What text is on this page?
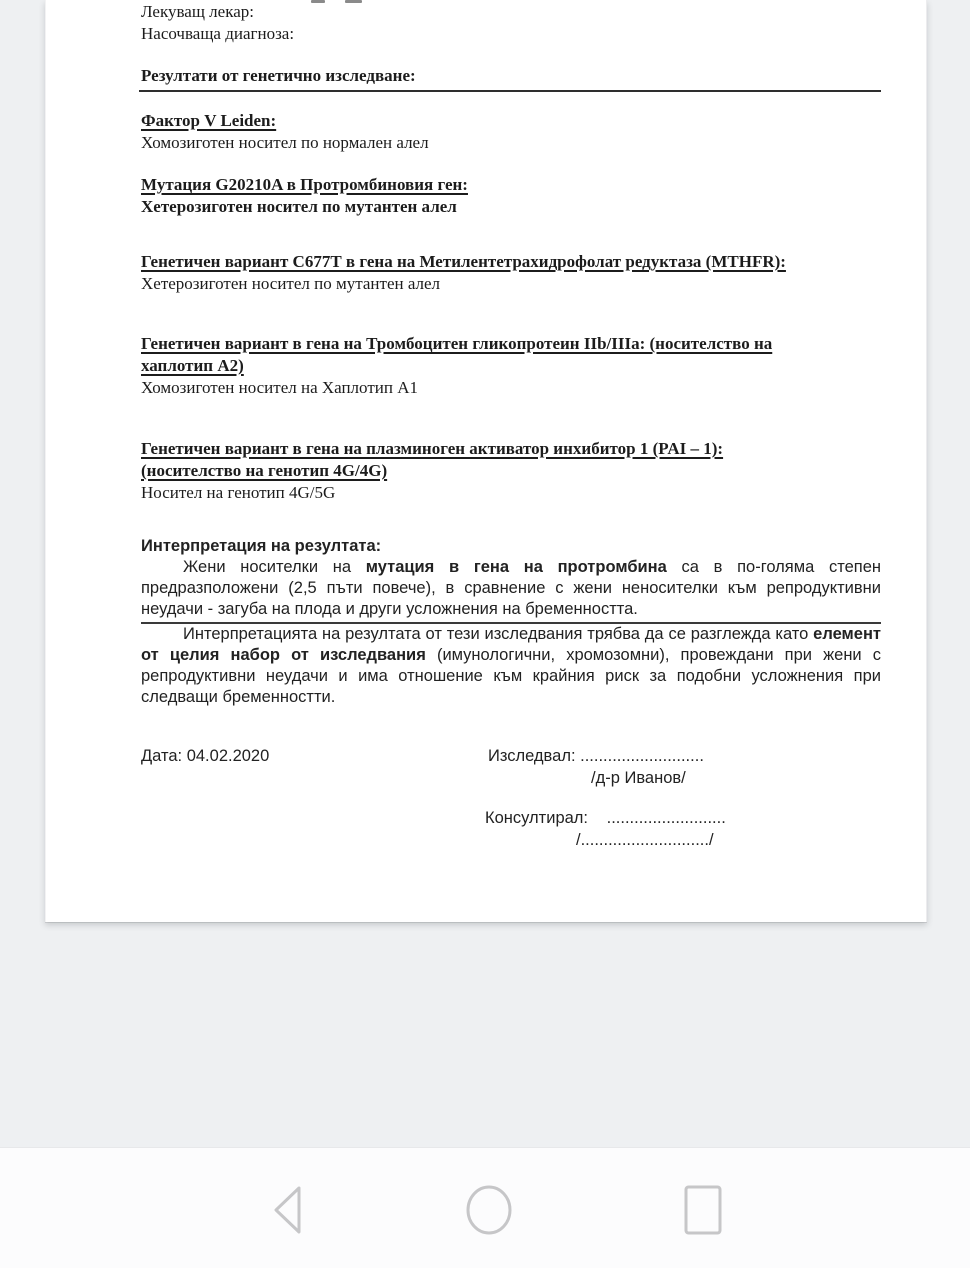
Лекуващ лекар:
Насочваща диагноза:
Резултати от генетично изследване:
Фактор V Leiden:
Хомозиготен носител по нормален алел
Мутация G20210A в Протромбиновия ген:
Хетерозиготен носител по мутантен алел
Генетичен вариант С677Т в гена на Метилентетрахидрофолат редуктаза (MTHFR):
Хетерозиготен носител по мутантен алел
Генетичен вариант в гена на Тромбоцитен гликопротеин IIb/IIIa: (носителство на
хаплотип А2)
Хомозиготен носител на Хаплотип А1
Генетичен вариант в гена на плазминоген активатор инхибитор 1 (PAI – 1):
(носителство на генотип 4G/4G)
Носител на генотип 4G/5G
Интерпретация на резултата:
Жени носителки на мутация в гена на протромбина са в по-голяма степен предразположени (2,5 пъти повече), в сравнение с жени неносителки към репродуктивни неудачи - загуба на плода и други усложнения на бременността.
Интерпретацията на резултата от тези изследвания трябва да се разглежда като елемент от целия набор от изследвания (имунологични, хромозомни), провеждани при жени с репродуктивни неудачи и има отношение към крайния риск за подобни усложнения при следващи бременностти.
Дата: 04.02.2020	Изследвал: ...........................
/д-р Иванов/
Консултирал: ..........................
/............................/
